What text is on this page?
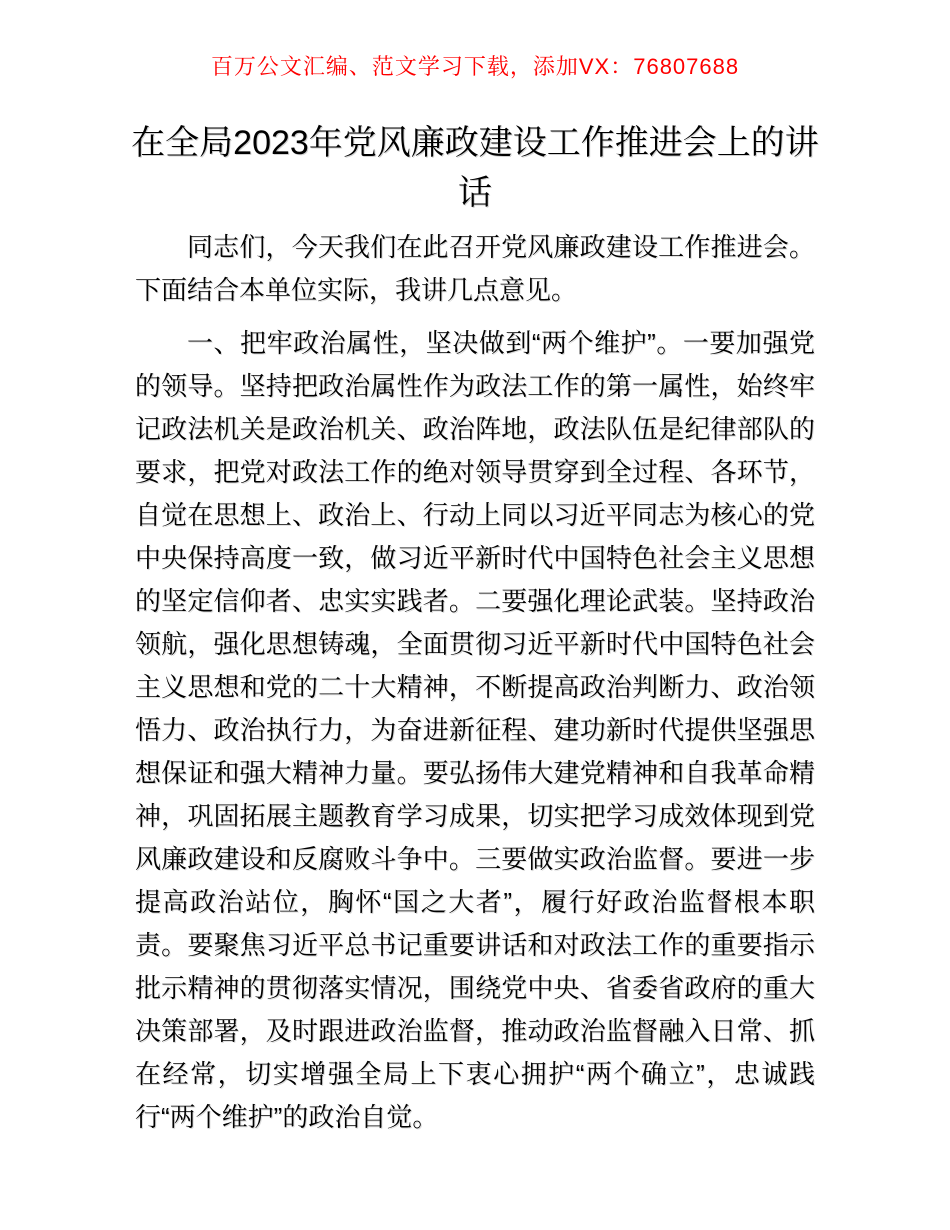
百万公文汇编、范文学习下载，添加VX：76807688
在全局2023年党风廉政建设工作推进会上的讲话

同志们，今天我们在此召开党风廉政建设工作推进会。下面结合本单位实际，我讲几点意见。

一、把牢政治属性，坚决做到“两个维护”。一要加强党的领导。坚持把政治属性作为政法工作的第一属性，始终牢记政法机关是政治机关、政治阵地，政法队伍是纪律部队的要求，把党对政法工作的绝对领导贯穿到全过程、各环节，自觉在思想上、政治上、行动上同以习近平同志为核心的党中央保持高度一致，做习近平新时代中国特色社会主义思想的坚定信仰者、忠实实践者。二要强化理论武装。坚持政治领航，强化思想铸魂，全面贯彻习近平新时代中国特色社会主义思想和党的二十大精神，不断提高政治判断力、政治领悟力、政治执行力，为奋进新征程、建功新时代提供坚强思想保证和强大精神力量。要弘扬伟大建党精神和自我革命精神，巩固拓展主题教育学习成果，切实把学习成效体现到党风廉政建设和反腐败斗争中。三要做实政治监督。要进一步提高政治站位，胸怀“国之大者”，履行好政治监督根本职责。要聚焦习近平总书记重要讲话和对政法工作的重要指示批示精神的贯彻落实情况，围绕党中央、省委省政府的重大决策部署，及时跟进政治监督，推动政治监督融入日常、抓在经常，切实增强全局上下衷心拥护“两个确立”，忠诚践行“两个维护”的政治自觉。
